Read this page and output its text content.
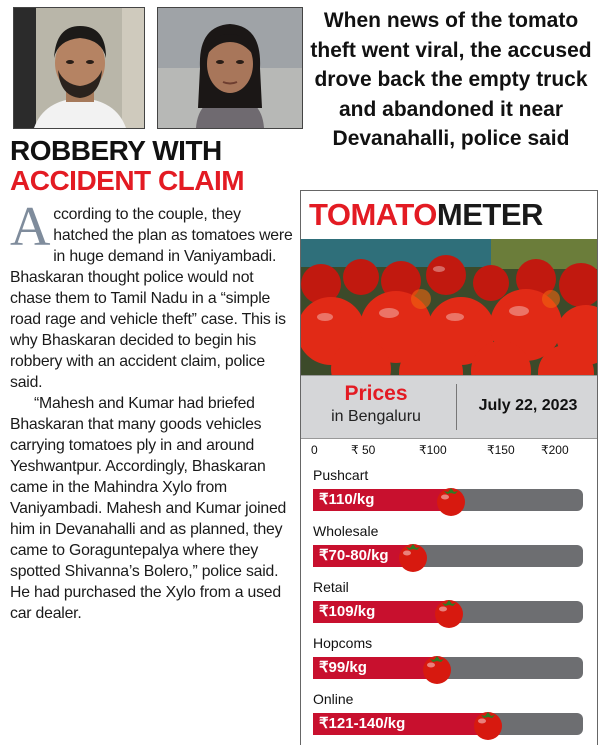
ROBBERY WITH
ACCIDENT CLAIM

According to the couple, they hatched the plan as tomatoes were in huge demand in Vaniyambadi. Bhaskaran thought police would not chase them to Tamil Nadu in a “simple road rage and vehicle theft” case. This is why Bhaskaran decided to begin his robbery with an accident claim, police said.

“Mahesh and Kumar had briefed Bhaskaran that many goods vehicles carrying tomatoes ply in and around Yeshwantpur. Accordingly, Bhaskaran came in the Mahindra Xylo from Vaniyambadi. Mahesh and Kumar joined him in Devanahalli and as planned, they came to Goraguntepalya where they spotted Shivanna’s Bolero,” police said. He had purchased the Xylo from a used car dealer.

When news of the tomato theft went viral, the accused drove back the empty truck and abandoned it near Devanahalli, police said

TOMATOMETER
Prices
in Bengaluru
July 22, 2023
0	₹ 50	₹100	₹150 ₹200
Pushcart
₹110/kg
Wholesale
₹70-80/kg
Retail
₹109/kg
Hopcoms
₹99/kg
Online
₹121-140/kg
